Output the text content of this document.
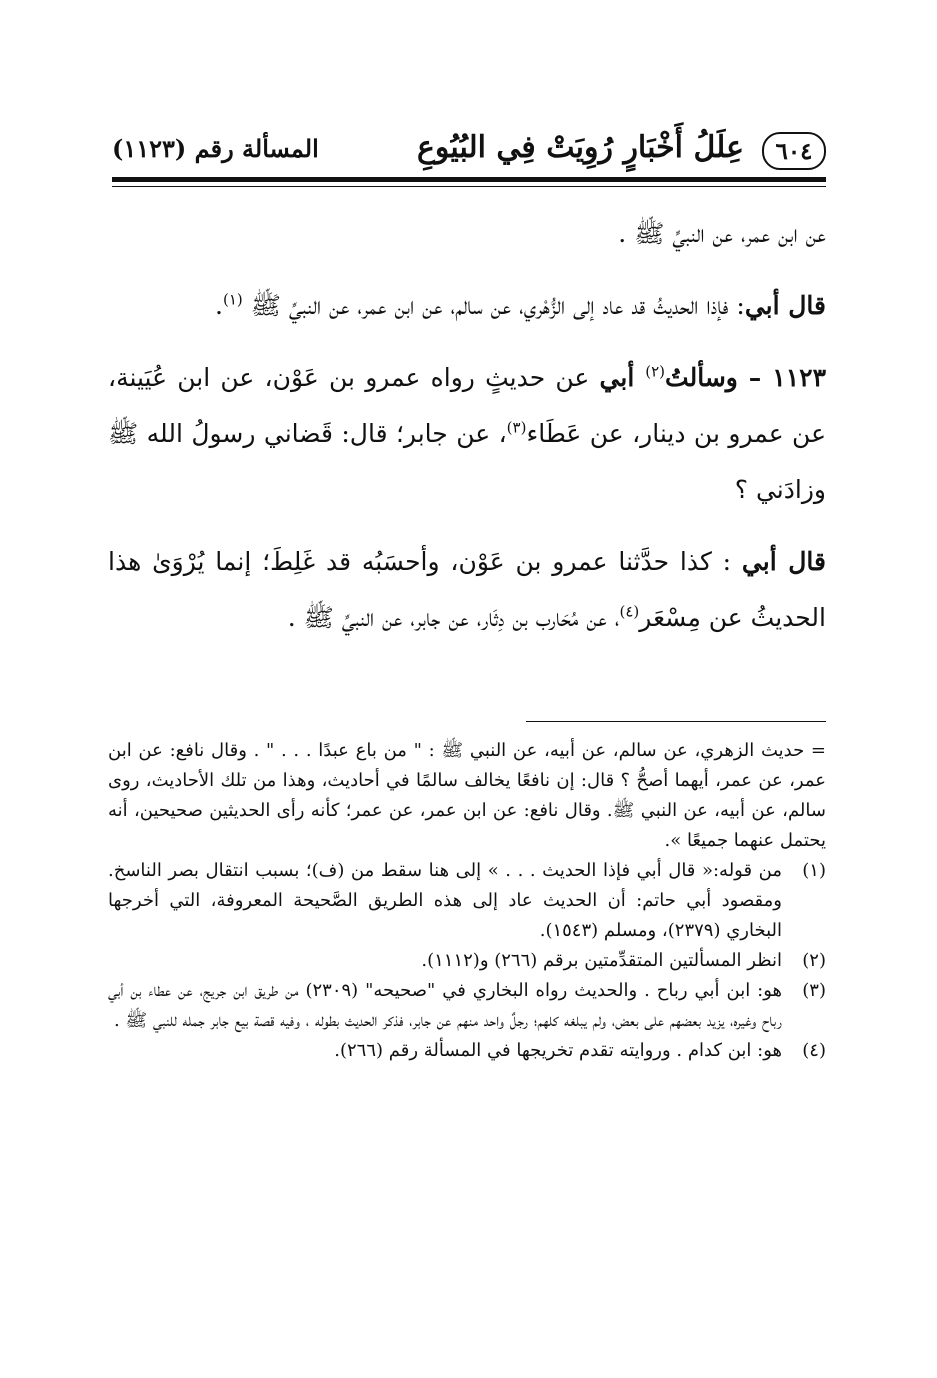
٦٠٤
عِلَلُ أَخْبَارٍ رُوِيَتْ فِي البُيُوعِ
المسألة رقم (١١٢٣)

عن ابن عمر، عن النبيِّ ﷺ .

قال أبي: فإذا الحديثُ قد عاد إلى الزُّهْري، عن سالم، عن ابن عمر، عن النبيِّ ﷺ $^{(١)}$.

١١٢٣ – وسألتُ$^{(٢)}$ أبي عن حديثٍ رواه عمرو بن عَوْن، عن ابن عُيَينة، عن عمرو بن دينار، عن عَطَاء$^{(٣)}$، عن جابر؛ قال: قَضاني رسولُ الله ﷺ وزادَني ؟

قال أبي : كذا حدَّثنا عمرو بن عَوْن، وأحسَبُه قد غَلِطَ؛ إنما يُرْوَىٰ هذا الحديثُ عن مِسْعَر$^{(٤)}$، عن مُحَارب بن دِثَار، عن جابر، عن النبيِّ ﷺ .

= حديث الزهري، عن سالم، عن أبيه، عن النبي ﷺ : " من باع عبدًا . . . " . وقال نافع: عن ابن عمر، عن عمر، أيهما أصحُّ ؟ قال: إن نافعًا يخالف سالمًا في أحاديث، وهذا من تلك الأحاديث، روى سالم، عن أبيه، عن النبي ﷺ. وقال نافع: عن ابن عمر، عن عمر؛ كأنه رأى الحديثين صحيحين، أنه يحتمل عنهما جميعًا ».

(١)
من قوله:« قال أبي فإذا الحديث . . . » إلى هنا سقط من (ف)؛ بسبب انتقال بصر الناسخ. ومقصود أبي حاتم: أن الحديث عاد إلى هذه الطريق الصَّحيحة المعروفة، التي أخرجها البخاري (٢٣٧٩)، ومسلم (١٥٤٣).

(٢)
انظر المسألتين المتقدِّمتين برقم (٢٦٦) و(١١١٢).

(٣)
هو: ابن أبي رباح . والحديث رواه البخاري في "صحيحه" (٢٣٠٩) من طريق ابن جريج، عن عطاء بن أبي رباح وغيره، يزيد بعضهم على بعض، ولم يبلغه كلهم؛ رجلٌ واحد منهم عن جابر، فذكر الحديث بطوله ، وفيه قصة بيع جابر جمله للنبي ﷺ .

(٤)
هو: ابن كدام . وروايته تقدم تخريجها في المسألة رقم (٢٦٦).
